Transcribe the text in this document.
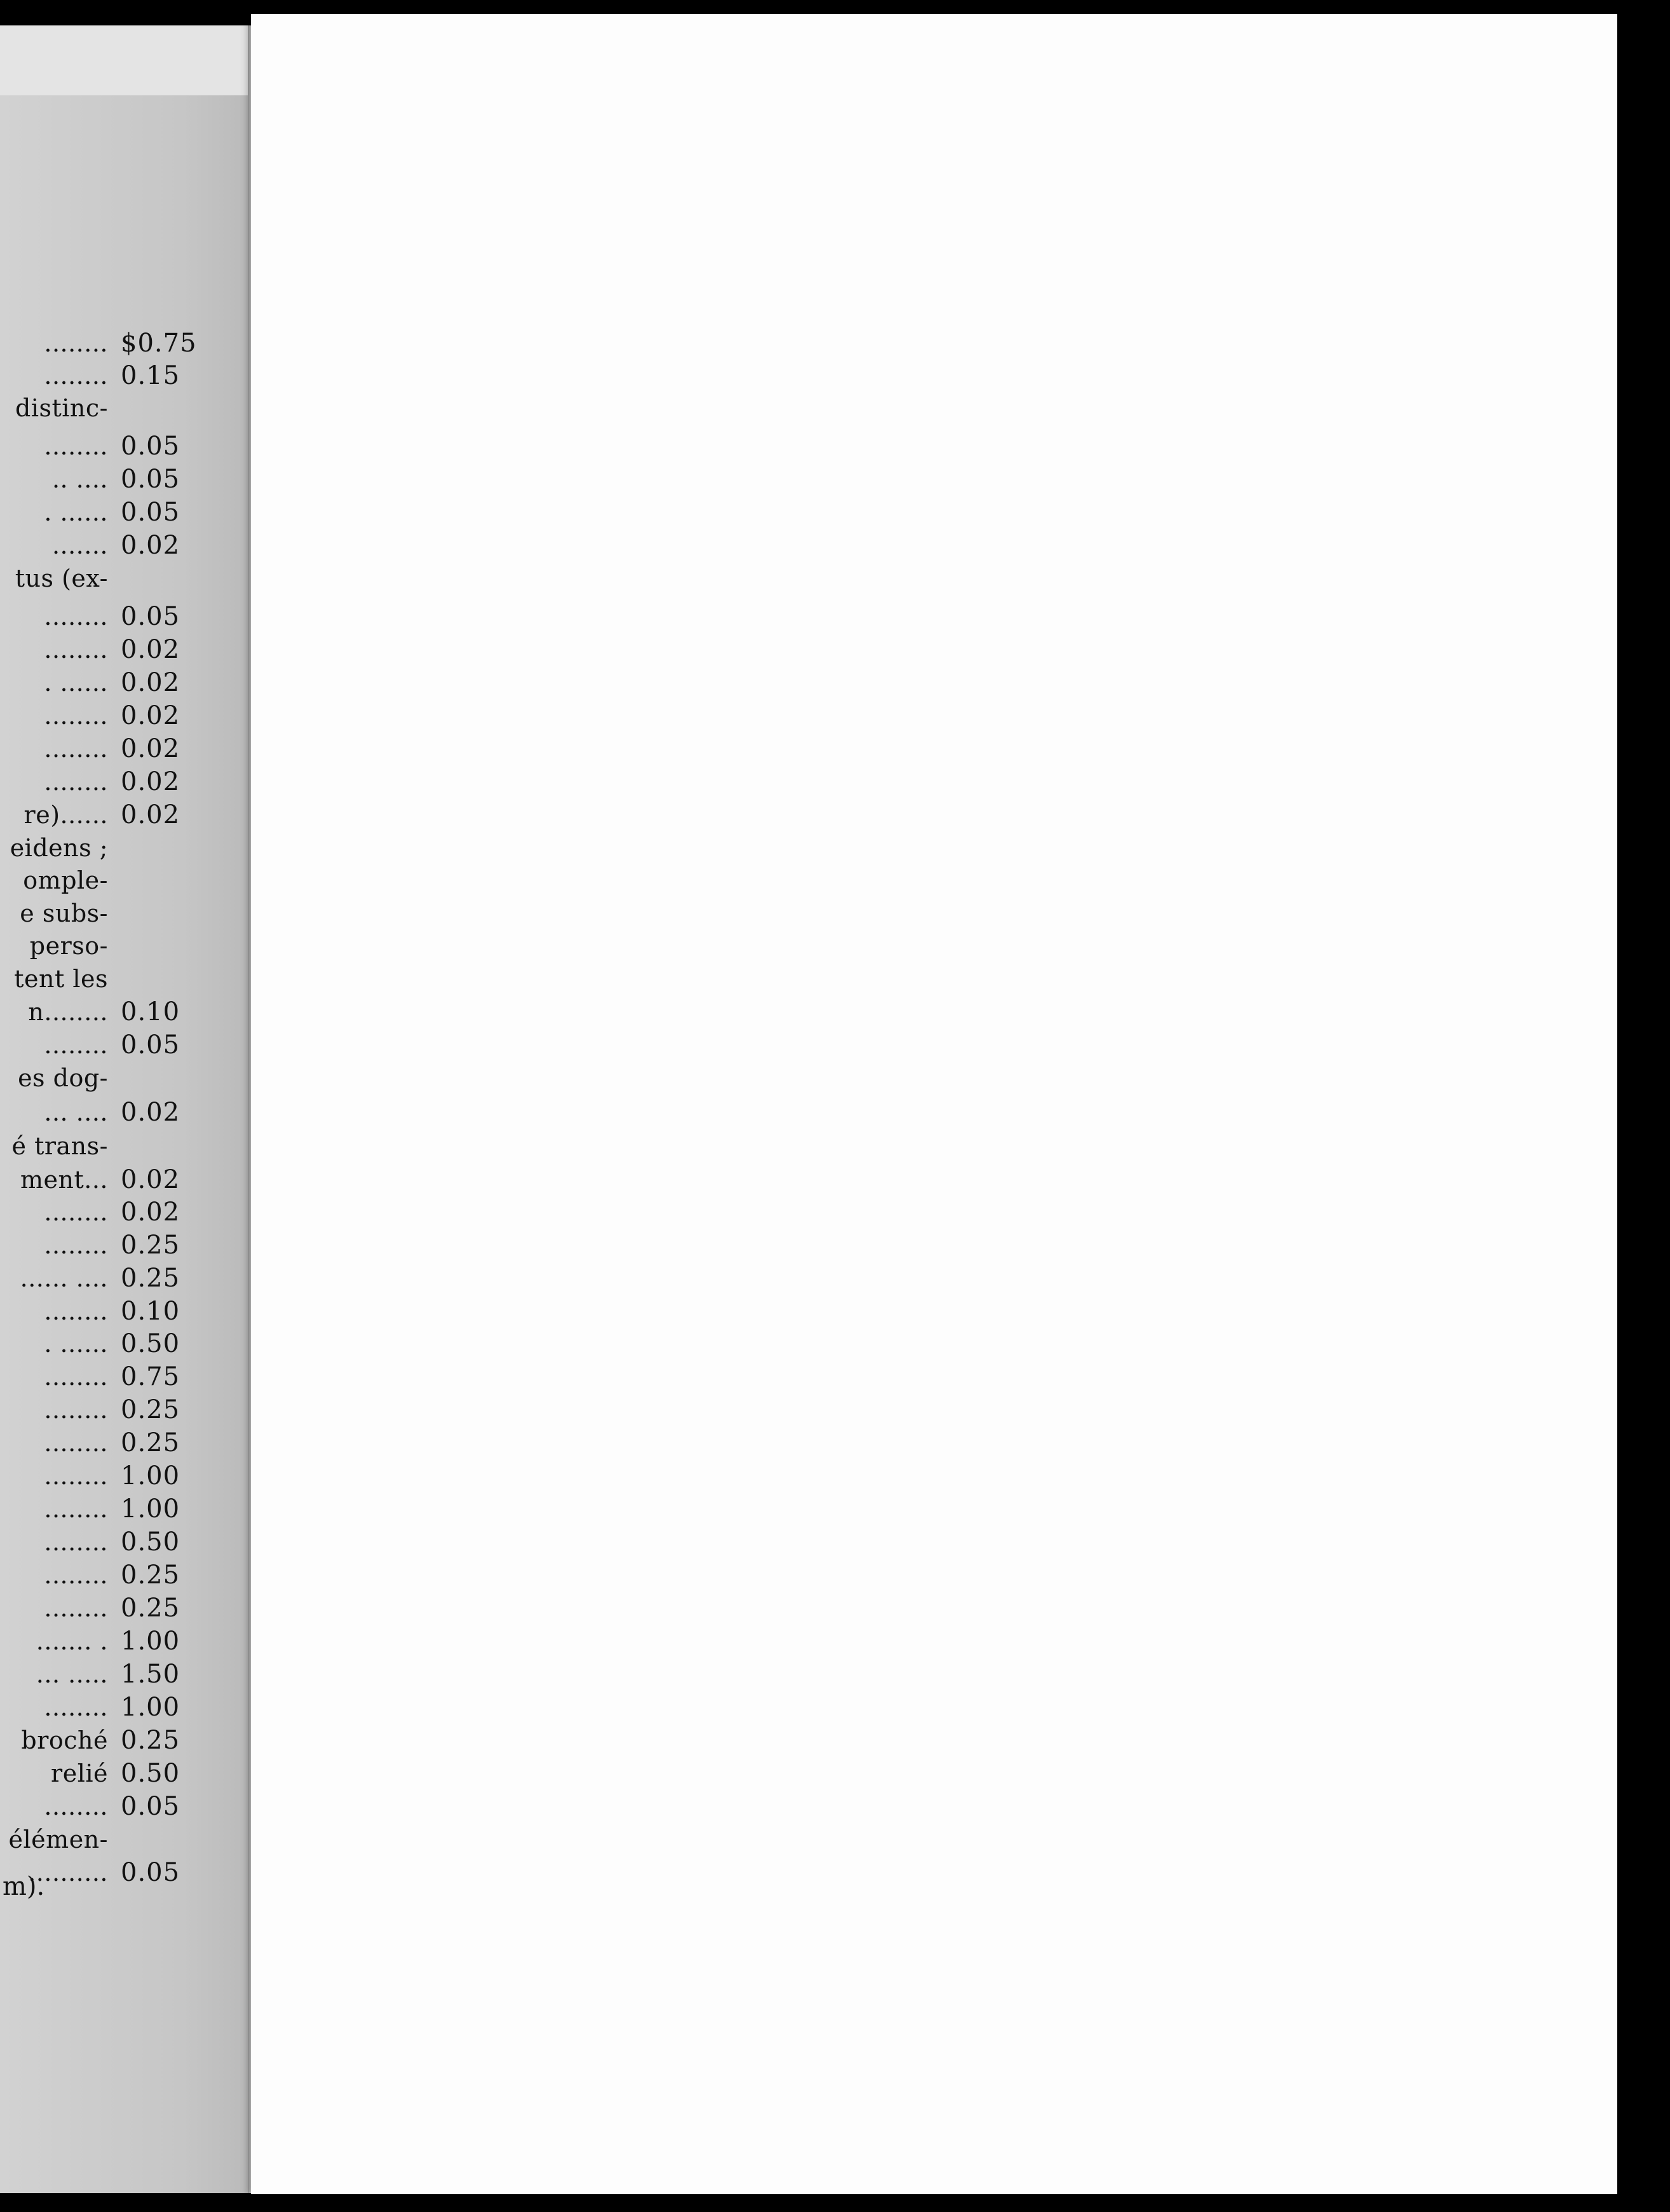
........ $0.75
........ 0.15
distinc-
........ 0.05
.. .... 0.05
. ...... 0.05
....... 0.02
tus (ex-
........ 0.05
........ 0.02
. ...... 0.02
........ 0.02
........ 0.02
........ 0.02
re)...... 0.02
eidens ;
omple-
e subs-
perso-
tent les
n........ 0.10
........ 0.05
es dog-
... .... 0.02
é trans-
ment... 0.02
........ 0.02
........ 0.25
...... .... 0.25
........ 0.10
. ...... 0.50
........ 0.75
........ 0.25
........ 0.25
........ 1.00
........ 1.00
........ 0.50
........ 0.25
........ 0.25
....... . 1.00
... ..... 1.50
........ 1.00
broché 0.25
relié 0.50
........ 0.05
élémen-
.......... 0.05
m).
